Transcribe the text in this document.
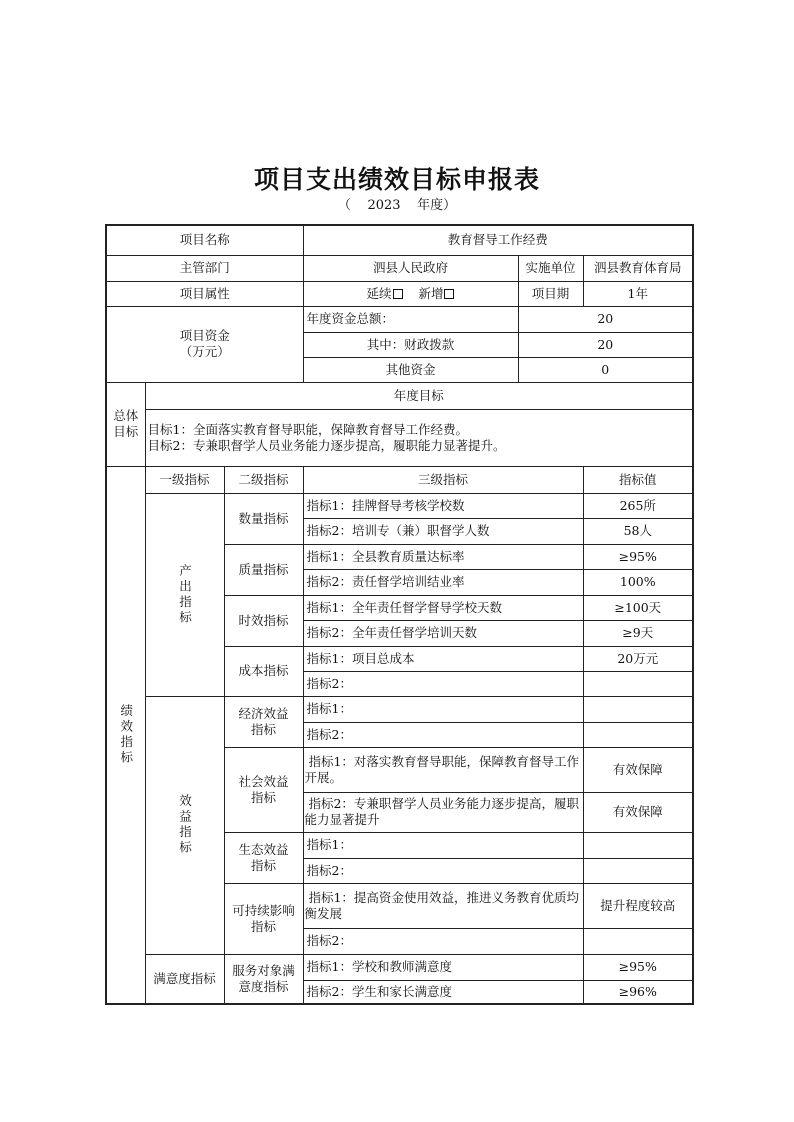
项目支出绩效目标申报表
（    2023    年度）
项目名称			教育督导工作经费		
主管部门			泗县人民政府	实施单位	泗县教育体育局
项目属性			延续 新增	项目期	1年

项目资金
（万元）			年度资金总额：	20	
			其中：财政拨款	20	
			其他资金	0	

总体目标	年度目标				

	目标1：全面落实教育督导职能，保障教育督导工作经费。
目标2：专兼职督学人员业务能力逐步提高，履职能力显著提升。				

绩效指标	一级指标	二级指标	三级指标		指标值
	产出指标	数量指标	指标1：挂牌督导考核学校数		265所
			指标2：培训专（兼）职督学人数		58人
		质量指标	指标1：全县教育质量达标率		≥95%
			指标2：责任督学培训结业率		100%
		时效指标	指标1：全年责任督学督导学校天数		≥100天
			指标2：全年责任督学培训天数		≥9天
		成本指标	指标1：项目总成本		20万元
			指标2：		
	效益指标	经济效益指标	指标1：		
			指标2：		
		社会效益指标	指标1：对落实教育督导职能，保障教育督导工作开展。		有效保障
			指标2：专兼职督学人员业务能力逐步提高，履职能力显著提升		有效保障
		生态效益指标	指标1：		
			指标2：		
		可持续影响指标	指标1：提高资金使用效益，推进义务教育优质均衡发展		提升程度较高
			指标2：		
	满意度指标	服务对象满意度指标	指标1：学校和教师满意度		≥95%
			指标2：学生和家长满意度		≥96%
